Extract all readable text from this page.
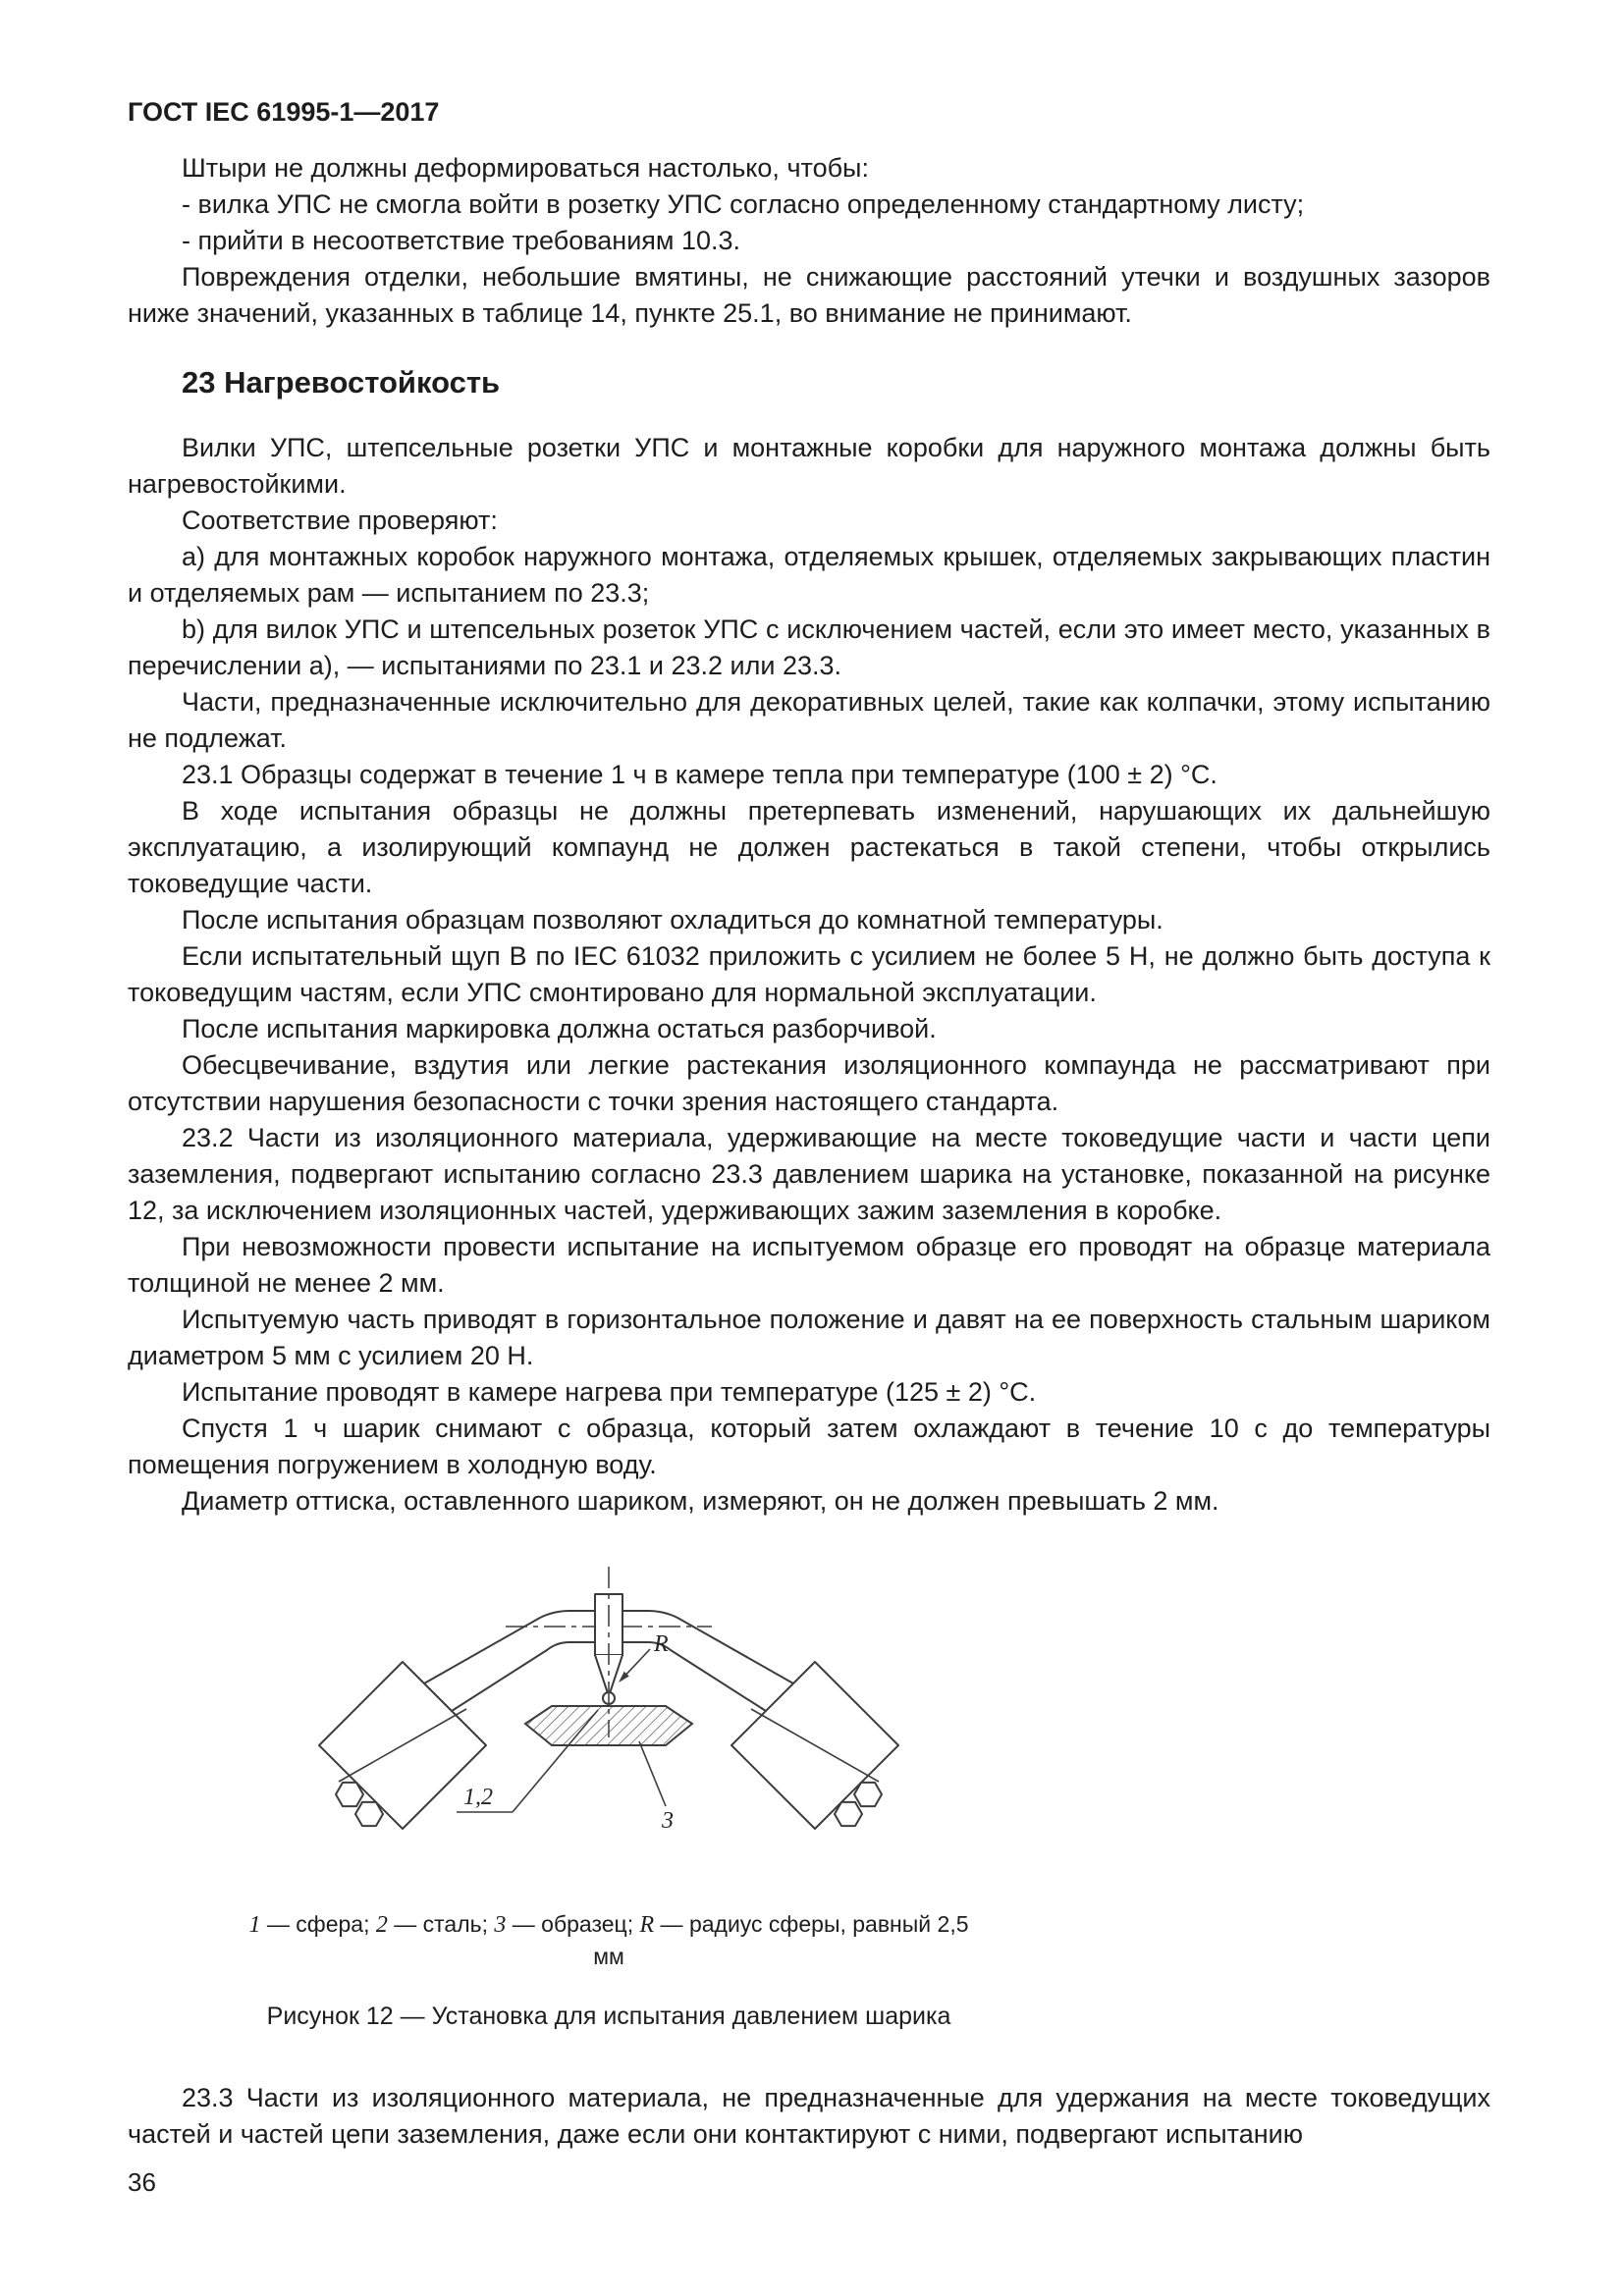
ГОСТ IEC 61995-1—2017

Штыри не должны деформироваться настолько, чтобы:

- вилка УПС не смогла войти в розетку УПС согласно определенному стандартному листу;

- прийти в несоответствие требованиям 10.3.

Повреждения отделки, небольшие вмятины, не снижающие расстояний утечки и воздушных зазоров ниже значений, указанных в таблице 14, пункте 25.1, во внимание не принимают.

23 Нагревостойкость

Вилки УПС, штепсельные розетки УПС и монтажные коробки для наружного монтажа должны быть нагревостойкими.

Соответствие проверяют:

a) для монтажных коробок наружного монтажа, отделяемых крышек, отделяемых закрывающих пластин и отделяемых рам — испытанием по 23.3;

b) для вилок УПС и штепсельных розеток УПС с исключением частей, если это имеет место, указанных в перечислении a), — испытаниями по 23.1 и 23.2 или 23.3.

Части, предназначенные исключительно для декоративных целей, такие как колпачки, этому испытанию не подлежат.

23.1 Образцы содержат в течение 1 ч в камере тепла при температуре (100 ± 2) °С.

В ходе испытания образцы не должны претерпевать изменений, нарушающих их дальнейшую эксплуатацию, а изолирующий компаунд не должен растекаться в такой степени, чтобы открылись токоведущие части.

После испытания образцам позволяют охладиться до комнатной температуры.

Если испытательный щуп B по IEC 61032 приложить с усилием не более 5 Н, не должно быть доступа к токоведущим частям, если УПС смонтировано для нормальной эксплуатации.

После испытания маркировка должна остаться разборчивой.

Обесцвечивание, вздутия или легкие растекания изоляционного компаунда не рассматривают при отсутствии нарушения безопасности с точки зрения настоящего стандарта.

23.2 Части из изоляционного материала, удерживающие на месте токоведущие части и части цепи заземления, подвергают испытанию согласно 23.3 давлением шарика на установке, показанной на рисунке 12, за исключением изоляционных частей, удерживающих зажим заземления в коробке.

При невозможности провести испытание на испытуемом образце его проводят на образце материала толщиной не менее 2 мм.

Испытуемую часть приводят в горизонтальное положение и давят на ее поверхность стальным шариком диаметром 5 мм с усилием 20 Н.

Испытание проводят в камере нагрева при температуре (125 ± 2) °С.

Спустя 1 ч шарик снимают с образца, который затем охлаждают в течение 10 с до температуры помещения погружением в холодную воду.

Диаметр оттиска, оставленного шариком, измеряют, он не должен превышать 2 мм.

R
1,2
3
1 — сфера; 2 — сталь; 3 — образец; R — радиус сферы, равный 2,5 мм
Рисунок 12 — Установка для испытания давлением шарика

23.3 Части из изоляционного материала, не предназначенные для удержания на месте токоведущих частей и частей цепи заземления, даже если они контактируют с ними, подвергают испытанию

36
